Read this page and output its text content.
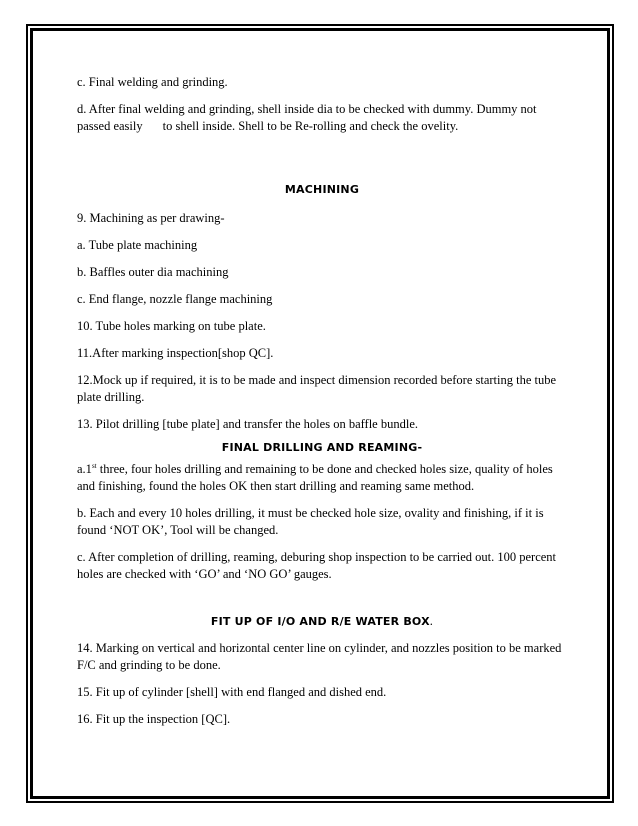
c. Final welding and grinding.

d. After final welding and grinding, shell inside dia to be checked with dummy. Dummy not passed easily to shell inside. Shell to be Re-rolling and check the ovelity.

MACHINING

9. Machining as per drawing-

a. Tube plate machining

b. Baffles outer dia machining

c. End flange, nozzle flange machining

10. Tube holes marking on tube plate.

11.After marking inspection[shop QC].

12.Mock up if required, it is to be made and inspect dimension recorded before starting the tube plate drilling.

13. Pilot drilling [tube plate] and transfer the holes on baffle bundle.

FINAL DRILLING AND REAMING-

a.1st three, four holes drilling and remaining to be done and checked holes size, quality of holes and finishing, found the holes OK then start drilling and reaming same method.

b. Each and every 10 holes drilling, it must be checked hole size, ovality and finishing, if it is found ‘NOT OK’, Tool will be changed.

c. After completion of drilling, reaming, deburing shop inspection to be carried out. 100 percent holes are checked with ‘GO’ and ‘NO GO’ gauges.

FIT UP OF I/O AND R/E WATER BOX.

14. Marking on vertical and horizontal center line on cylinder, and nozzles position to be marked F/C and grinding to be done.

15. Fit up of cylinder [shell] with end flanged and dished end.

16. Fit up the inspection [QC].
